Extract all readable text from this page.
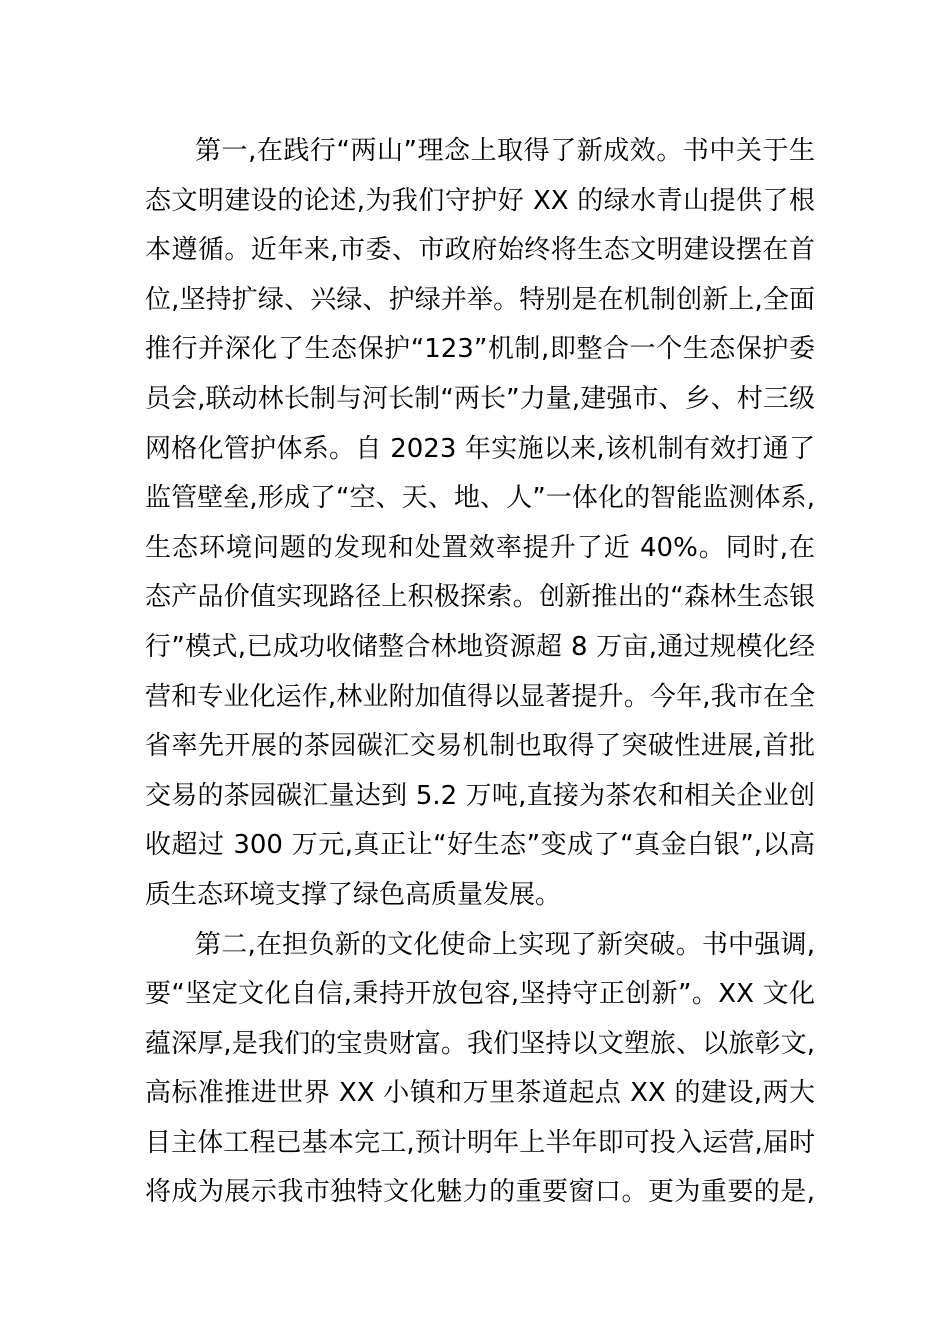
第一,在践行“两山”理念上取得了新成效。书中关于生
态文明建设的论述,为我们守护好 XX 的绿水青山提供了根
本遵循。近年来,市委、市政府始终将生态文明建设摆在首
位,坚持扩绿、兴绿、护绿并举。特别是在机制创新上,全面
推行并深化了生态保护“123”机制,即整合一个生态保护委
员会,联动林长制与河长制“两长”力量,建强市、乡、村三级
网格化管护体系。自 2023 年实施以来,该机制有效打通了
监管壁垒,形成了“空、天、地、人”一体化的智能监测体系,
生态环境问题的发现和处置效率提升了近 40%。同时,在
态产品价值实现路径上积极探索。创新推出的“森林生态银
行”模式,已成功收储整合林地资源超 8 万亩,通过规模化经
营和专业化运作,林业附加值得以显著提升。今年,我市在全
省率先开展的茶园碳汇交易机制也取得了突破性进展,首批
交易的茶园碳汇量达到 5.2 万吨,直接为茶农和相关企业创
收超过 300 万元,真正让“好生态”变成了“真金白银”,以高
质生态环境支撑了绿色高质量发展。
第二,在担负新的文化使命上实现了新突破。书中强调,
要“坚定文化自信,秉持开放包容,坚持守正创新”。XX 文化
蕴深厚,是我们的宝贵财富。我们坚持以文塑旅、以旅彰文,
高标准推进世界 XX 小镇和万里茶道起点 XX 的建设,两大
目主体工程已基本完工,预计明年上半年即可投入运营,届时
将成为展示我市独特文化魅力的重要窗口。更为重要的是,
